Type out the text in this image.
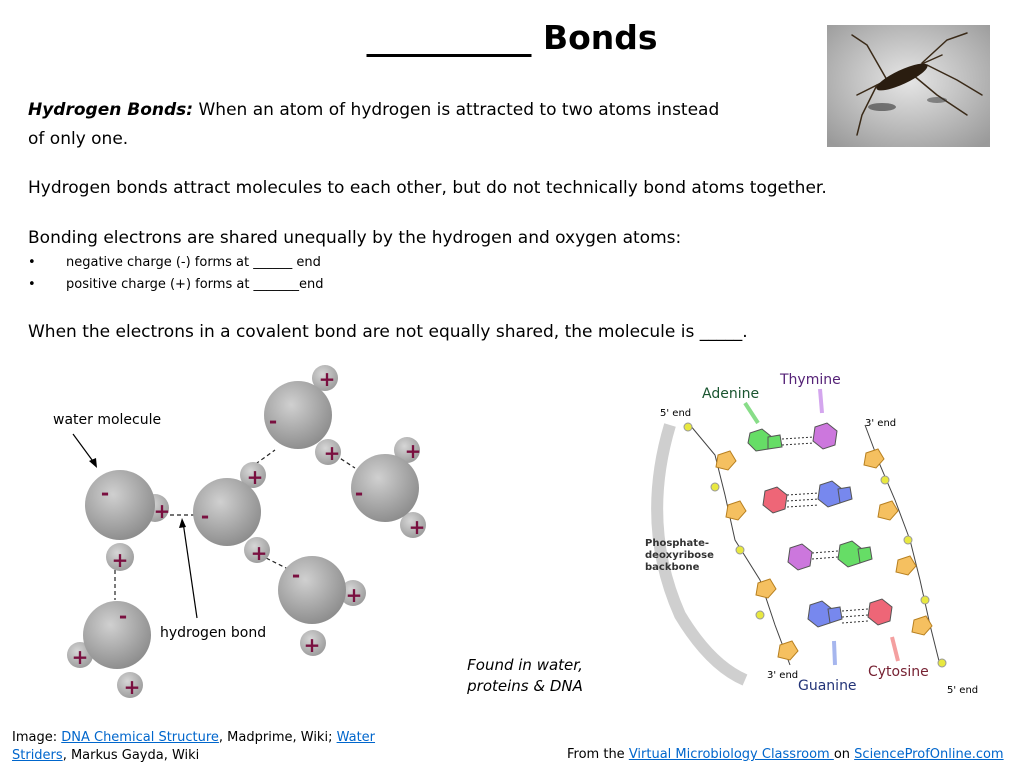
__________ Bonds

Hydrogen Bonds: When an atom of hydrogen is attracted to two atoms instead
of only one.

Hydrogen bonds attract molecules to each other, but do not technically bond atoms together.

Bonding electrons are shared unequally by the hydrogen and oxygen atoms:

• negative charge (-) forms at ______ end

• positive charge (+) forms at _______end

When the electrons in a covalent bond are not equally shared, the molecule is _____.

-
+
+
-
+
+
-
+
+
-
+
+
-
+
+
-
+
+
water molecule
hydrogen bond
Adenine
Thymine
Guanine
Cytosine
5' end
3' end
3' end
5' end
Phosphate-
deoxyribose
backbone
Found in water,
proteins & DNA
Image: DNA Chemical Structure, Madprime, Wiki; Water
Striders, Markus Gayda, Wiki	From the Virtual Microbiology Classroom on ScienceProfOnline.com
